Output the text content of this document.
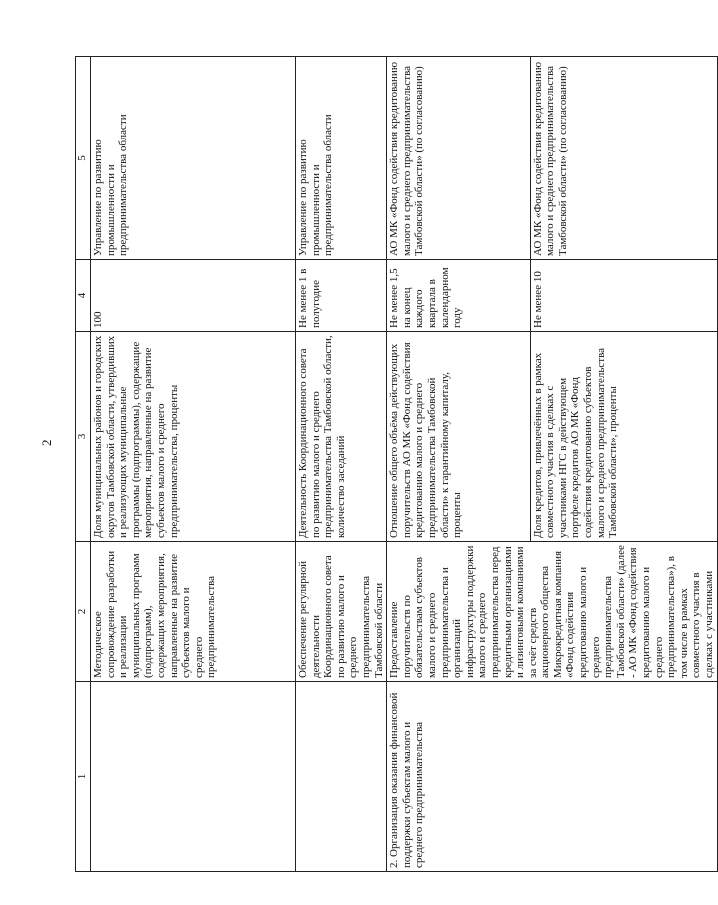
2
1	2	3	4	5
	Методическое сопровождение разработки и реализации муниципальных программ (подпрограмм), содержащих мероприятия, направленные на развитие субъектов малого и среднего предпринимательства	Доля муниципальных районов и городских округов Тамбовской области, утвердивших и реализующих муниципальные программы (подпрограммы), содержащие мероприятия, направленные на развитие субъектов малого и среднего предпринимательства, проценты	100	Управление по развитию промышленности и предпринимательства области
	Обеспечение регулярной деятельности Координационного совета по развитию малого и среднего предпринимательства Тамбовской области	Деятельность Координационного совета по развитию малого и среднего предпринимательства Тамбовской области, количество заседаний	Не менее 1 в полугодие	Управление по развитию промышленности и предпринимательства области
2. Организация оказания финансовой поддержки субъектам малого и среднего предпринимательства	Предоставление поручительств по обязательствам субъектов малого и среднего предпринимательства и организаций инфраструктуры поддержки малого и среднего предпринимательства перед кредитными организациями и лизинговыми компаниями за счёт средств акционерного общества Микрокредитная компания «Фонд содействия кредитованию малого и среднего предпринимательства Тамбовской области» (далее - АО МК «Фонд содействия кредитованию малого и среднего предпринимательства»), в том числе в рамках совместного участия в сделках с участниками	Отношение общего объёма действующих поручительств АО МК «Фонд содействия кредитованию малого и среднего предпринимательства Тамбовской области» к гарантийному капиталу, проценты	Не менее 1,5 на конец каждого квартала в календарном году	АО МК «Фонд содействия кредитованию малого и среднего предпринимательства Тамбовской области» (по согласованию)
		Доля кредитов, привлечённых в рамках совместного участия в сделках с участниками НГС в действующем портфеле кредитов АО МК «Фонд содействия кредитованию субъектов малого и среднего предпринимательства Тамбовской области», проценты	Не менее 10	АО МК «Фонд содействия кредитованию малого и среднего предпринимательства Тамбовской области» (по согласованию)
